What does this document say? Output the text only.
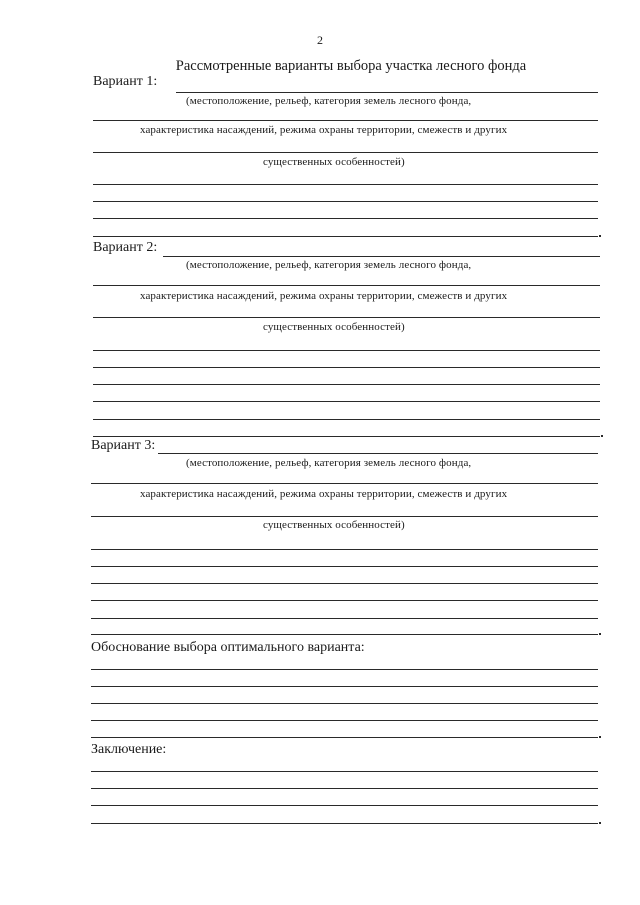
2
Рассмотренные варианты выбора участка лесного фонда
Вариант 1:
(местоположение, рельеф, категория земель лесного фонда,
характеристика насаждений, режима охраны территории, смежеств и других
существенных особенностей)
Вариант 2:
(местоположение, рельеф, категория земель лесного фонда,
характеристика насаждений, режима охраны территории, смежеств и других
существенных особенностей)
Вариант 3:
(местоположение, рельеф, категория земель лесного фонда,
характеристика насаждений, режима охраны территории, смежеств и других
существенных особенностей)
Обоснование выбора оптимального варианта:
Заключение:
